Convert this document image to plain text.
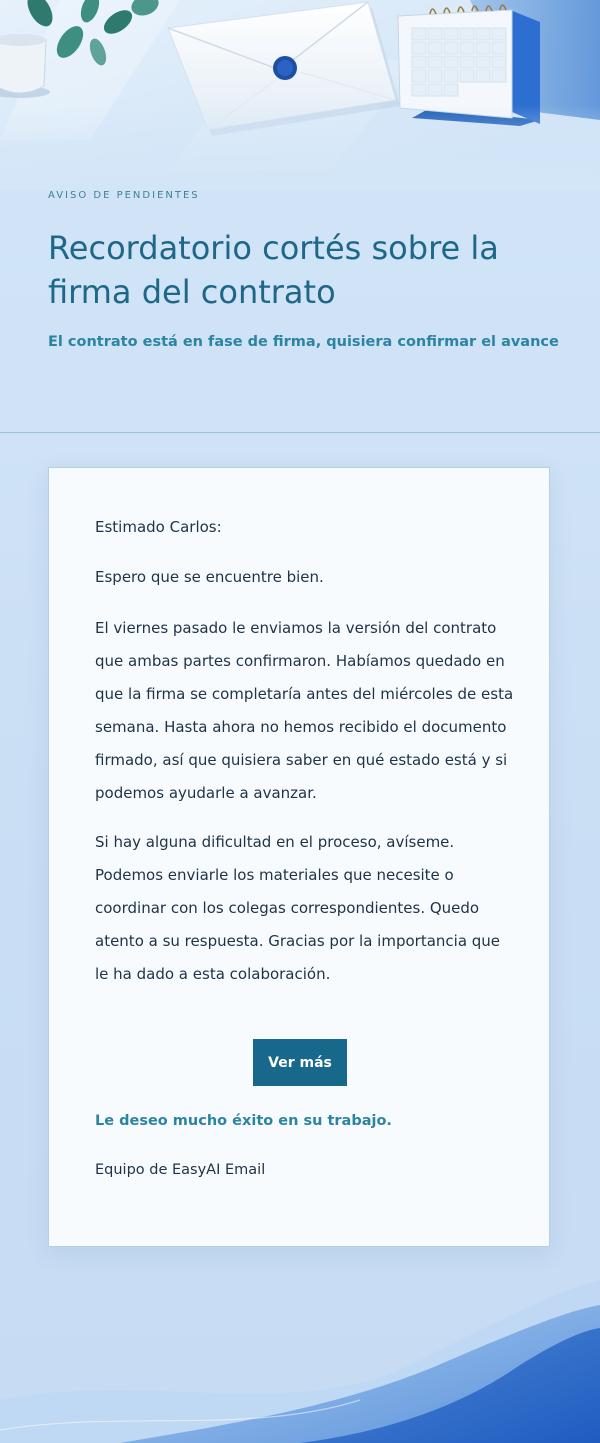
AVISO DE PENDIENTES
Recordatorio cortés sobre la firma del contrato
El contrato está en fase de firma, quisiera confirmar el avance

Estimado Carlos:

Espero que se encuentre bien.

El viernes pasado le enviamos la versión del contrato que ambas partes confirmaron. Habíamos quedado en que la firma se completaría antes del miércoles de esta semana. Hasta ahora no hemos recibido el documento firmado, así que quisiera saber en qué estado está y si podemos ayudarle a avanzar.

Si hay alguna dificultad en el proceso, avíseme. Podemos enviarle los materiales que necesite o coordinar con los colegas correspondientes. Quedo atento a su respuesta. Gracias por la importancia que le ha dado a esta colaboración.

Ver más
Le deseo mucho éxito en su trabajo.
Equipo de EasyAI Email
